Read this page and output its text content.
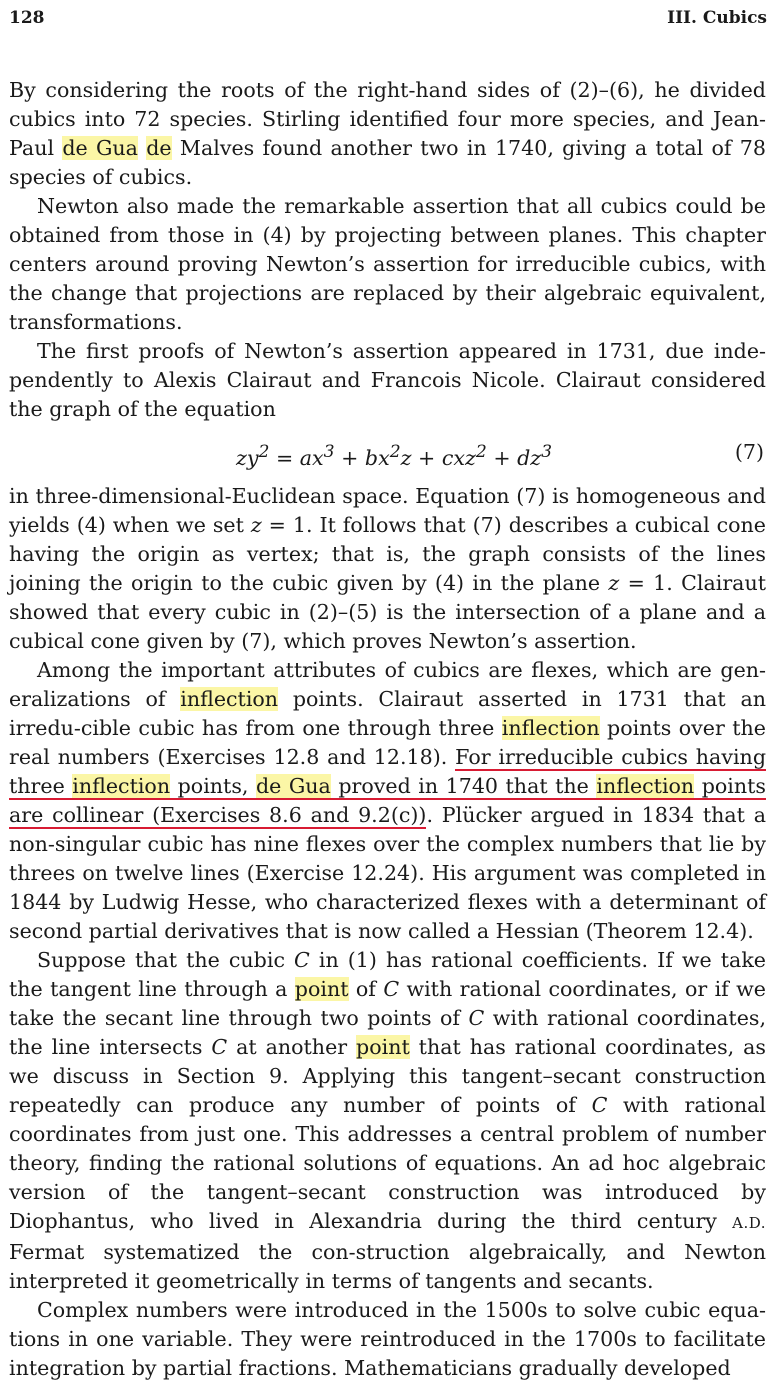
128	III. Cubics

By considering the roots of the right-hand sides of (2)–(6), he divided cubics into 72 species. Stirling identified four more species, and Jean-Paul de Gua de Malves found another two in 1740, giving a total of 78 species of cubics.

Newton also made the remarkable assertion that all cubics could be obtained from those in (4) by projecting between planes. This chapter centers around proving Newton’s assertion for irreducible cubics, with the change that projections are replaced by their algebraic equivalent, transformations.

The first proofs of Newton’s assertion appeared in 1731, due inde-pendently to Alexis Clairaut and Francois Nicole. Clairaut considered the graph of the equation

$zy^2 = ax^3 + bx^2z + cxz^2 + dz^3$	(7)

in three-dimensional-Euclidean space. Equation (7) is homogeneous and yields (4) when we set z = 1. It follows that (7) describes a cubical cone having the origin as vertex; that is, the graph consists of the lines joining the origin to the cubic given by (4) in the plane z = 1. Clairaut showed that every cubic in (2)–(5) is the intersection of a plane and a cubical cone given by (7), which proves Newton’s assertion.

Among the important attributes of cubics are flexes, which are gen-eralizations of inflection points. Clairaut asserted in 1731 that an irredu-cible cubic has from one through three inflection points over the real numbers (Exercises 12.8 and 12.18). For irreducible cubics having three inflection points, de Gua proved in 1740 that the inflection points are collinear (Exercises 8.6 and 9.2(c)). Plücker argued in 1834 that a non-singular cubic has nine flexes over the complex numbers that lie by threes on twelve lines (Exercise 12.24). His argument was completed in 1844 by Ludwig Hesse, who characterized flexes with a determinant of second partial derivatives that is now called a Hessian (Theorem 12.4).

Suppose that the cubic C in (1) has rational coefficients. If we take the tangent line through a point of C with rational coordinates, or if we take the secant line through two points of C with rational coordinates, the line intersects C at another point that has rational coordinates, as we discuss in Section 9. Applying this tangent–secant construction repeatedly can produce any number of points of C with rational coordinates from just one. This addresses a central problem of number theory, finding the rational solutions of equations. An ad hoc algebraic version of the tangent–secant construction was introduced by Diophantus, who lived in Alexandria during the third century A.D. Fermat systematized the con-struction algebraically, and Newton interpreted it geometrically in terms of tangents and secants.

Complex numbers were introduced in the 1500s to solve cubic equa-tions in one variable. They were reintroduced in the 1700s to facilitate integration by partial fractions. Mathematicians gradually developed
